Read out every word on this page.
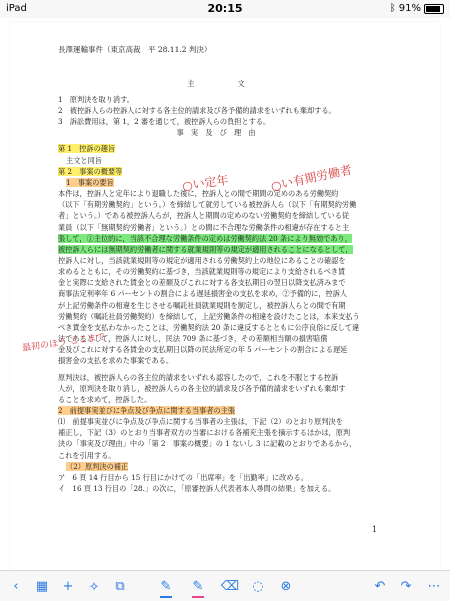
iPad	20:15	ᛒ 91%
長澤運輸事件（東京高裁　平 28.11.2 判決）
主　　　　　　文
1　原判決を取り消す。
2　被控訴人らの控訴人に対する各主位的請求及び各予備的請求をいずれも棄却する。
3　訴訟費用は，第 1，2 審を通じて，被控訴人らの負担とする。
事　実　及　び　理　由
第 1　控訴の趣旨
主文と同旨
第 2　事案の概要等
1　事案の要旨
本件は，控訴人と定年により退職した後に，控訴人との間で期間の定めのある労働契約
（以下「有期労働契約」という。）を締結して就労している被控訴人ら（以下「有期契約労働
者」という。）である被控訴人らが，控訴人と期間の定めのない労働契約を締結している従
業員（以下「無期契約労働者」という。）との間に不合理な労働条件の相違が存在すると主
張して，①主位的に，当該不合理な労働条件の定めは労働契約法 20 条により無効であり，
被控訴人らには無期契約労働者に関する就業規則等の規定が適用されることになるとして，
控訴人に対し，当該就業規則等の規定が適用される労働契約上の地位にあることの確認を
求めるとともに，その労働契約に基づき，当該就業規則等の規定により支給されるべき賃
金と実際に支給された賃金との差額及びこれに対する各支払期日の翌日以降支払済みまで
商事法定利率年 6 パーセントの割合による遅延損害金の支払を求め，②予備的に，控訴人
が上記労働条件の相違を生じさせる嘱託社員就業規則を制定し，被控訴人らとの間で有期
労働契約（嘱託社員労働契約）を締結して，上記労働条件の相違を設けたことは，本来支払う
べき賃金を支払わなかったことは，労働契約法 20 条に違反するとともに公序良俗に反して違
法であるとして，控訴人に対し，民法 709 条に基づき，その差額相当額の損害賠償
金及びこれに対する各賃金の支払期日以降の民法所定の年 5 パーセントの割合による遅延
損害金の支払を求めた事案である。
原判決は，被控訴人らの各主位的請求をいずれも認容したので，これを不服とする控訴
人が，原判決を取り消し，被控訴人らの各主位的請求及び各予備的請求をいずれも棄却す
ることを求めて，控訴した。
2　前提事実並びに争点及び争点に関する当事者の主張
⑴　前提事実並びに争点及び争点に関する当事者の主張は，下記（2）のとおり原判決を
補正し，下記（3）のとおり当事者双方の当審における各補充主張を摘示するほかは，原判
決の「事実及び理由」中の「第 2　事案の概要」の 1 ないし 3 に記載のとおりであるから，
これを引用する。
（2）原判決の補正
ア　6 頁 14 行目から 15 行目にかけての「出席率」を「出勤率」に改める。
イ　16 頁 13 行目の「28.」の次に，「原審控訴人代表者本人尋問の結果」を加える。
1
○い定年	○い有期労働者
最初のほう ここまで
‹	▦	+	⟡	⧉	✎ ✎ ⌫	◌	⊗	↶	↷	⋯
